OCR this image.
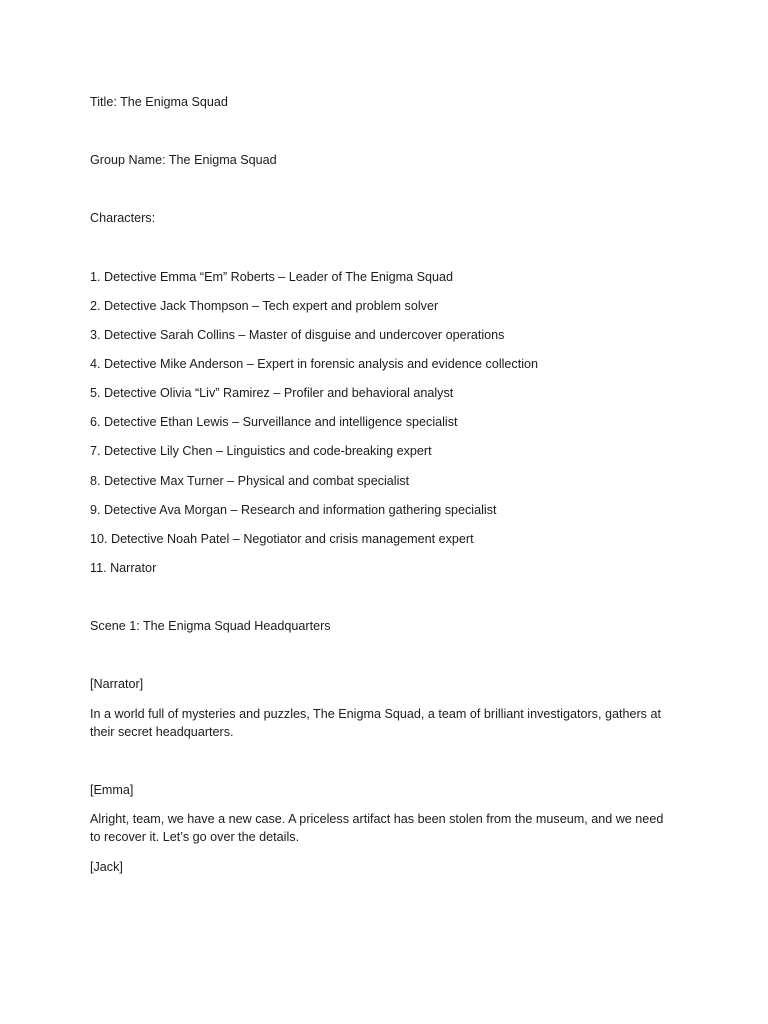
Title: The Enigma Squad
Group Name: The Enigma Squad
Characters:
1. Detective Emma “Em” Roberts – Leader of The Enigma Squad
2. Detective Jack Thompson – Tech expert and problem solver
3. Detective Sarah Collins – Master of disguise and undercover operations
4. Detective Mike Anderson – Expert in forensic analysis and evidence collection
5. Detective Olivia “Liv” Ramirez – Profiler and behavioral analyst
6. Detective Ethan Lewis – Surveillance and intelligence specialist
7. Detective Lily Chen – Linguistics and code-breaking expert
8. Detective Max Turner – Physical and combat specialist
9. Detective Ava Morgan – Research and information gathering specialist
10. Detective Noah Patel – Negotiator and crisis management expert
11. Narrator
Scene 1: The Enigma Squad Headquarters
[Narrator]
In a world full of mysteries and puzzles, The Enigma Squad, a team of brilliant investigators, gathers at their secret headquarters.
[Emma]
Alright, team, we have a new case. A priceless artifact has been stolen from the museum, and we need to recover it. Let’s go over the details.
[Jack]
